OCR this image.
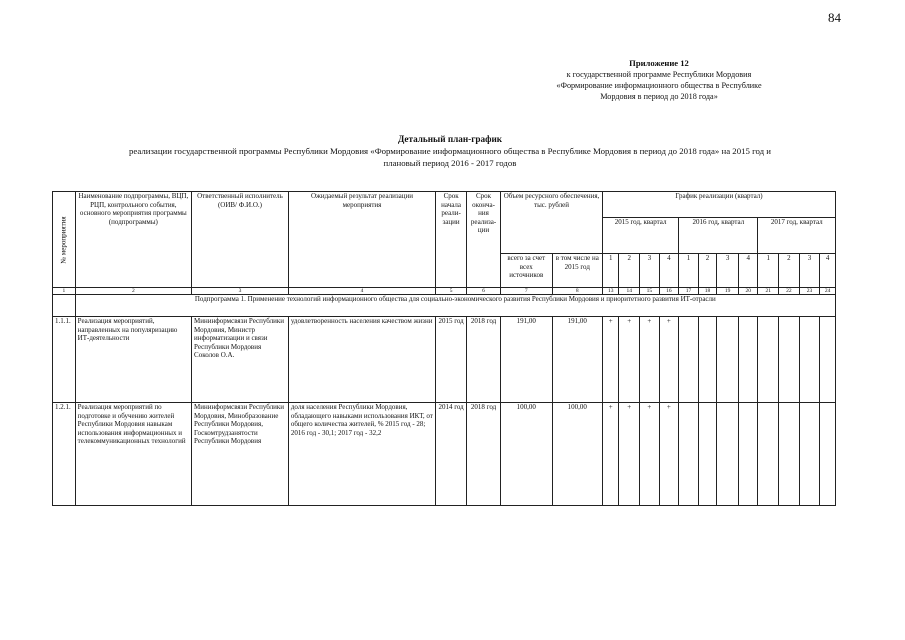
84
Приложение 12
к государственной программе Республики Мордовия
«Формирование информационного общества в Республике
Мордовия в период до 2018 года»
Детальный план-график
реализации государственной программы Республики Мордовия «Формирование информационного общества в Республике Мордовия в период до 2018 года» на 2015 год и
плановый период 2016 - 2017 годов
№ мероприятия	Наименование подпрограммы, ВЦП, РЦП, контрольного события, основного мероприятия программы (подпрограммы)	Ответственный исполнитель (ОИВ/ Ф.И.О.)	Ожидаемый результат реализации мероприятия	Срок начала реали-зации	Срок оконча-ния реализа-ции	Объем ресурсного обеспечения, тыс. рублей		График реализации (квартал)											
								2015 год, квартал				2016 год, квартал				2017 год, квартал			
						всего за счет всех источников	в том числе на 2015 год	1	2	3	4	1	2	3	4	1	2	3	4
1	2	3	4	5	6	7	8	13	14	15	16	17	18	19	20	21	22	23	24
	Подпрограмма 1. Применение технологий информационного общества для социально-экономического развития Республики Мордовия и приоритетного развития ИТ-отрасли																		
1.1.1.	Реализация мероприятий, направленных на популяризацию ИТ-деятельности	Мининформсвязи Республики Мордовия, Министр информатизации и связи Республики Мордовия Соколов О.А.	удовлетворенность населения качеством жизни	2015 год	2018 год	191,00	191,00	+	+	+	+								
1.2.1.	Реализация мероприятий по подготовке и обучению жителей Республики Мордовия навыкам использования информационных и телекоммуникационных технологий	Мининформсвязи Республики Мордовия, Минобразование Республики Мордовия, Госкомтрудзанятости Республики Мордовия	доля населения Республики Мордовия, обладающего навыками использования ИКТ, от общего количества жителей, % 2015 год - 28; 2016 год - 30,1; 2017 год - 32,2	2014 год	2018 год	100,00	100,00	+	+	+	+								
